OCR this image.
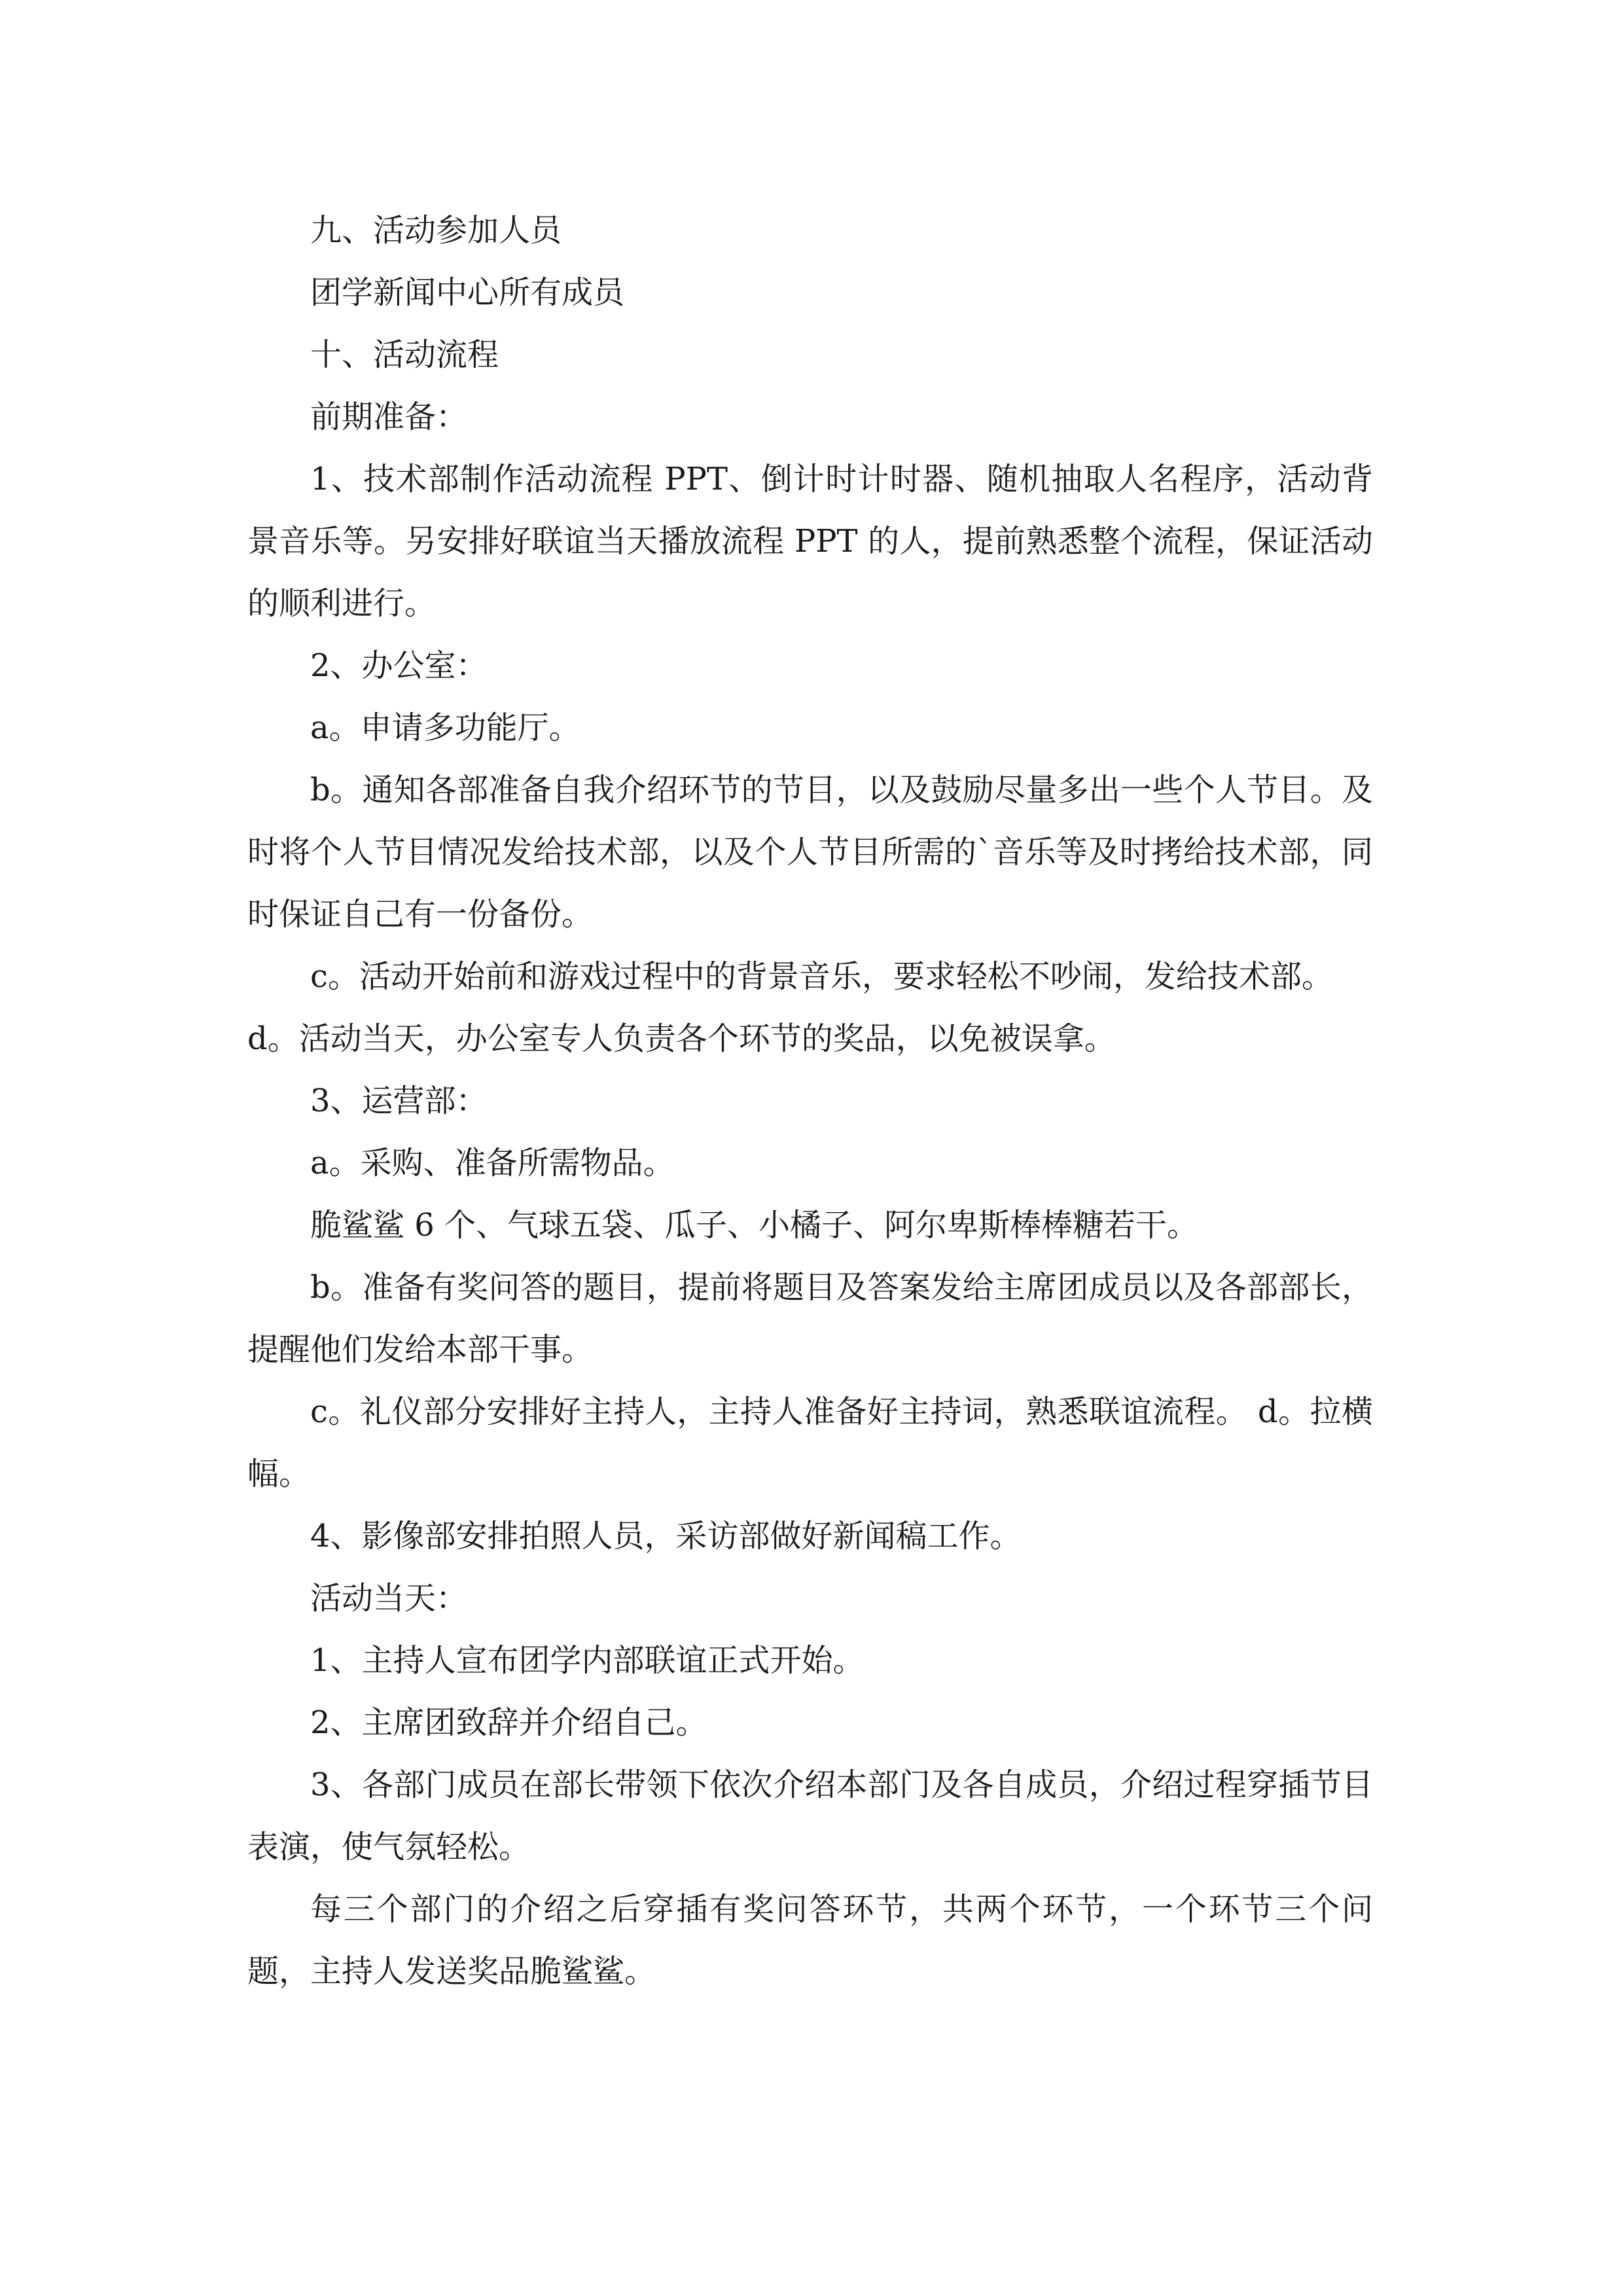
九、活动参加人员

团学新闻中心所有成员

十、活动流程

前期准备：

1、技术部制作活动流程 PPT、倒计时计时器、随机抽取人名程序，活动背景音乐等。另安排好联谊当天播放流程 PPT 的人，提前熟悉整个流程，保证活动的顺利进行。

2、办公室：

a。申请多功能厅。

b。通知各部准备自我介绍环节的节目，以及鼓励尽量多出一些个人节目。及时将个人节目情况发给技术部，以及个人节目所需的`音乐等及时拷给技术部，同时保证自己有一份备份。

c。活动开始前和游戏过程中的背景音乐，要求轻松不吵闹，发给技术部。

d。活动当天，办公室专人负责各个环节的奖品，以免被误拿。

3、运营部：

a。采购、准备所需物品。

脆鲨鲨 6 个、气球五袋、瓜子、小橘子、阿尔卑斯棒棒糖若干。

b。准备有奖问答的题目，提前将题目及答案发给主席团成员以及各部部长，提醒他们发给本部干事。

c。礼仪部分安排好主持人，主持人准备好主持词，熟悉联谊流程。 d。拉横幅。

4、影像部安排拍照人员，采访部做好新闻稿工作。

活动当天：

1、主持人宣布团学内部联谊正式开始。

2、主席团致辞并介绍自己。

3、各部门成员在部长带领下依次介绍本部门及各自成员，介绍过程穿插节目表演，使气氛轻松。

每三个部门的介绍之后穿插有奖问答环节，共两个环节，一个环节三个问题，主持人发送奖品脆鲨鲨。
